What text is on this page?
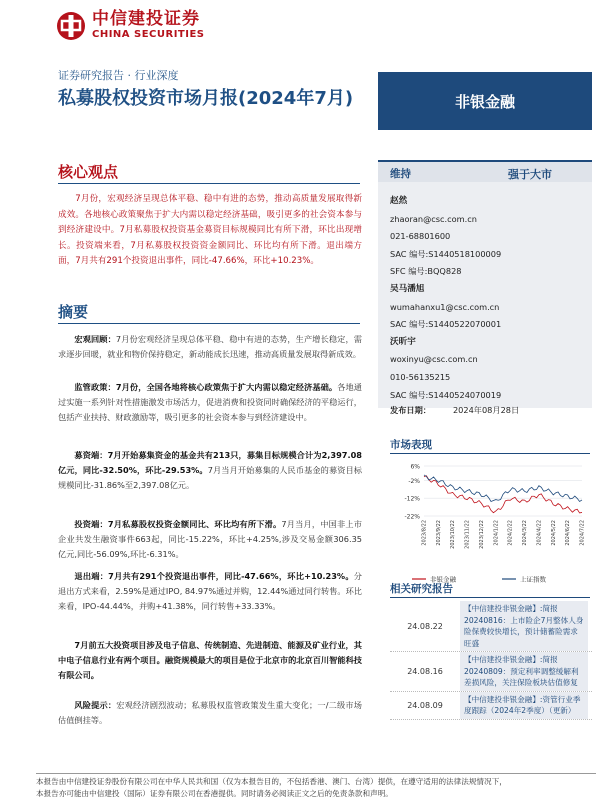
中信建投证券
CHINA SECURITIES
证券研究报告 · 行业深度
私募股权投资市场月报(2024年7月)	非银金融
核心观点
7月份，宏观经济呈现总体平稳、稳中有进的态势，推动高质量发展取得新成效。各地核心政策聚焦于扩大内需以稳定经济基础，吸引更多的社会资本参与到经济建设中。7月私募股权投资基金募资目标规模同比有所下滑，环比出现增长。投资端来看，7月私募股权投资资金额同比、环比均有所下滑。退出端方面，7月共有291个投资退出事件，同比-47.66%，环比+10.23%。
摘要
宏观回顾：7月份宏观经济呈现总体平稳、稳中有进的态势，生产增长稳定，需求逐步回暖，就业和物价保持稳定，新动能成长迅速，推动高质量发展取得新成效。
监管政策：7月份，全国各地将核心政策焦于扩大内需以稳定经济基础。各地通过实施一系列针对性措施激发市场活力，促进消费和投资同时确保经济的平稳运行，包括产业扶持、财政激励等，吸引更多的社会资本参与到经济建设中。
募资端：7月开始募集资金的基金共有213只，募集目标规模合计为2,397.08亿元，同比-32.50%，环比-29.53%。7月当月开始募集的人民币基金的募资目标规模同比-31.86%至2,397.08亿元。
投资端：7月私募股权投资金额同比、环比均有所下滑。7月当月，中国非上市企业共发生融资事件663起，同比-15.22%，环比+4.25%,涉及交易金额306.35 亿元,同比-56.09%,环比-6.31%。
退出端：7月共有291个投资退出事件，同比-47.66%，环比+10.23%。分退出方式来看，2.59%是通过IPO, 84.97%通过并购，12.44%通过同行转售。环比来看，IPO-44.44%，并购+41.38%，同行转售+33.33%。
7月前五大投资项目涉及电子信息、传统制造、先进制造、能源及矿业行业，其中电子信息行业有两个项目。融资规模最大的项目是位于北京市的北京百川智能科技有限公司。
风险提示：宏观经济剧烈波动；私募股权监管政策发生重大变化；一/二级市场估值倒挂等。
维持	强于大市
赵然
zhaoran@csc.com.cn
021-68801600
SAC 编号:S1440518100009
SFC 编号:BQQ828
吴马潘旭
wumahanxu1@csc.com.cn
SAC 编号:S1440522070001
沃昕宇
woxinyu@csc.com.cn
010-56135215
SAC 编号:S1440524070019
发布日期：	2024年08月28日
市场表现
6%
-2%
-12%
-22%
2023/8/22 2023/9/22 2023/10/22 2023/11/22 2023/12/22 2024/1/22 2024/2/22 2024/3/22 2024/4/22 2024/5/22 2024/6/22 2024/7/22
非银金融	上证指数
相关研究报告
24.08.22
【中信建投非银金融】:简报20240816：上市险企7月整体人身险保费较快增长，预计储蓄险需求旺盛
24.08.16
【中信建投非银金融】:简报20240809：预定利率调整缓解利差损风险，关注保险板块估值修复
24.08.09
【中信建投非银金融】:资管行业季度跟踪（2024年2季度）（更新）
本报告由中信建投证券股份有限公司在中华人民共和国（仅为本报告目的，不包括香港、澳门、台湾）提供，在遵守适用的法律法规情况下，
本报告亦可能由中信建投（国际）证券有限公司在香港提供。同时请务必阅读正文之后的免责条款和声明。
